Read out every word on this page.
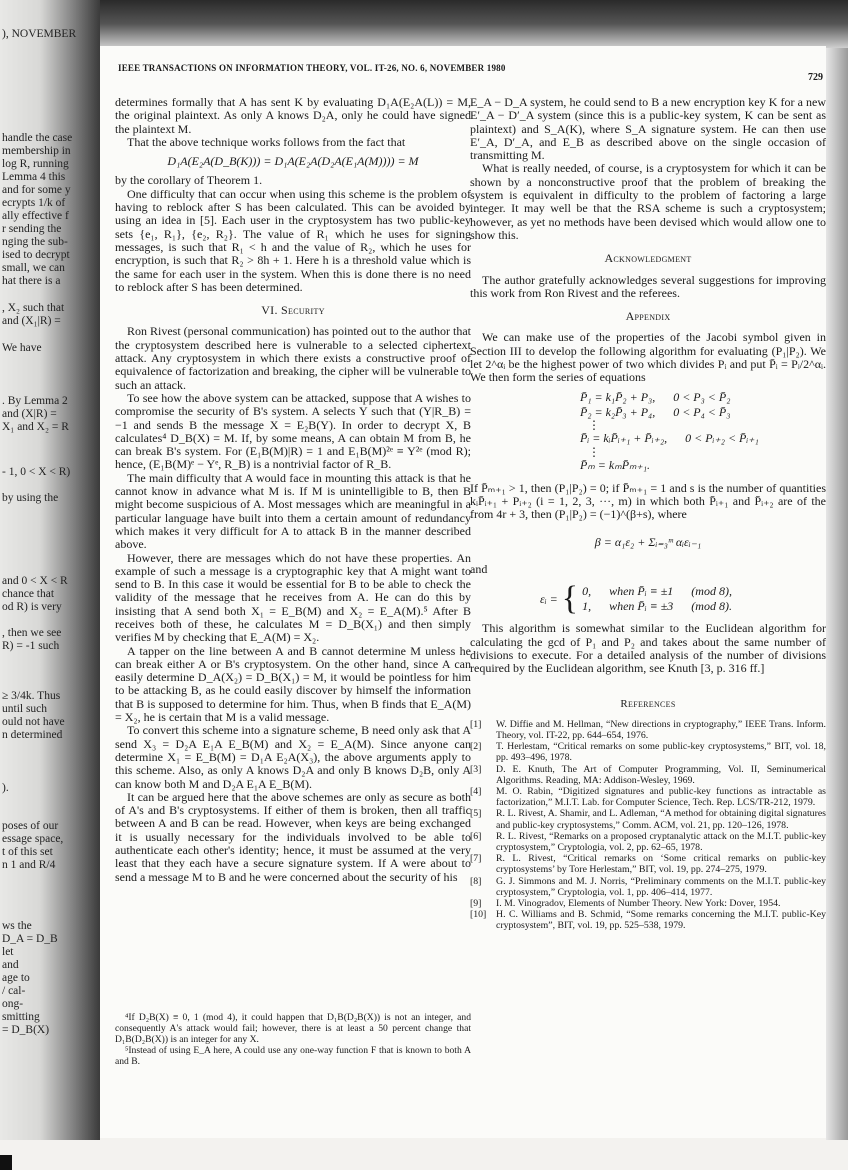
), NOVEMBER
handle the case
membership in
log R, running
Lemma 4 this
and for some y
ecrypts 1/k of
ally effective f
r sending the
nging the sub-
ised to decrypt
small, we can
hat there is a
, X₂ such that
and (X₁|R) =
We have
. By Lemma 2
and (X|R) =
X₁ and X₂ = R
- 1, 0 < X < R)
by using the
and 0 < X < R
chance that
od R) is very
, then we see
R) = -1 such
≥ 3/4k. Thus
until such
ould not have
n determined
).
poses of our
essage space,
t of this set
n 1 and R/4
ws the
D_A = D_B
let
and
age to
/ cal-
ong-
smitting
= D_B(X)
IEEE TRANSACTIONS ON INFORMATION THEORY, VOL. IT-26, NO. 6, NOVEMBER 1980
729

determines formally that A has sent K by evaluating D₁A(E₂A(L)) = M, the original plaintext. As only A knows D₂A, only he could have signed the plaintext M.

That the above technique works follows from the fact that

D₁A(E₂A(D_B(K))) = D₁A(E₂A(D₂A(E₁A(M)))) = M

by the corollary of Theorem 1.

One difficulty that can occur when using this scheme is the problem of having to reblock after S has been calculated. This can be avoided by using an idea in [5]. Each user in the cryptosystem has two public-key sets {e₁, R₁}, {e₂, R₂}. The value of R₁ which he uses for signing messages, is such that R₁ < h and the value of R₂, which he uses for encryption, is such that R₂ > 8h + 1. Here h is a threshold value which is the same for each user in the system. When this is done there is no need to reblock after S has been determined.

VI. Security

Ron Rivest (personal communication) has pointed out to the author that the cryptosystem described here is vulnerable to a selected ciphertext attack. Any cryptosystem in which there exists a constructive proof of equivalence of factorization and breaking, the cipher will be vulnerable to such an attack.

To see how the above system can be attacked, suppose that A wishes to compromise the security of B's system. A selects Y such that (Y|R_B) = −1 and sends B the message X = E₂B(Y). In order to decrypt X, B calculates⁴ D_B(X) = M. If, by some means, A can obtain M from B, he can break B's system. For (E₁B(M)|R) = 1 and E₁B(M)²ᵉ ≡ Y²ᵉ (mod R); hence, (E₁B(M)ᵉ − Yᵉ, R_B) is a nontrivial factor of R_B.

The main difficulty that A would face in mounting this attack is that he cannot know in advance what M is. If M is unintelligible to B, then B might become suspicious of A. Most messages which are meaningful in a particular language have built into them a certain amount of redundancy which makes it very difficult for A to attack B in the manner described above.

However, there are messages which do not have these properties. An example of such a message is a cryptographic key that A might want to send to B. In this case it would be essential for B to be able to check the validity of the message that he receives from A. He can do this by insisting that A send both X₁ = E_B(M) and X₂ = E_A(M).⁵ After B receives both of these, he calculates M = D_B(X₁) and then simply verifies M by checking that E_A(M) = X₂.

A tapper on the line between A and B cannot determine M unless he can break either A or B's cryptosystem. On the other hand, since A can easily determine D_A(X₂) = D_B(X₁) = M, it would be pointless for him to be attacking B, as he could easily discover by himself the information that B is supposed to determine for him. Thus, when B finds that E_A(M) = X₂, he is certain that M is a valid message.

To convert this scheme into a signature scheme, B need only ask that A send X₃ = D₂A E₁A E_B(M) and X₂ = E_A(M). Since anyone can determine X₁ = E_B(M) = D₁A E₂A(X₃), the above arguments apply to this scheme. Also, as only A knows D₂A and only B knows D₂B, only A can know both M and D₂A E₁A E_B(M).

It can be argued here that the above schemes are only as secure as both of A's and B's cryptosystems. If either of them is broken, then all traffic between A and B can be read. However, when keys are being exchanged it is usually necessary for the individuals involved to be able to authenticate each other's identity; hence, it must be assumed at the very least that they each have a secure signature system. If A were about to send a message M to B and he were concerned about the security of his

⁴If D₂B(X) ≡ 0, 1 (mod 4), it could happen that D₁B(D₂B(X)) is not an integer, and consequently A's attack would fail; however, there is at least a 50 percent change that D₁B(D₂B(X)) is an integer for any X.

⁵Instead of using E_A here, A could use any one-way function F that is known to both A and B.

E_A − D_A system, he could send to B a new encryption key K for a new E′_A − D′_A system (since this is a public-key system, K can be sent as plaintext) and S_A(K), where S_A signature system. He can then use E′_A, D′_A, and E_B as described above on the single occasion of transmitting M.

What is really needed, of course, is a cryptosystem for which it can be shown by a nonconstructive proof that the problem of breaking the system is equivalent in difficulty to the problem of factoring a large integer. It may well be that the RSA scheme is such a cryptosystem; however, as yet no methods have been devised which would allow one to show this.

Acknowledgment

The author gratefully acknowledges several suggestions for improving this work from Ron Rivest and the referees.

Appendix

We can make use of the properties of the Jacobi symbol given in Section III to develop the following algorithm for evaluating (P₁|P₂). We let 2^αᵢ be the highest power of two which divides Pᵢ and put P̄ᵢ = Pᵢ/2^αᵢ. We then form the series of equations

P̄₁ = k₁P̄₂ + P₃,      0 < P₃ < P̄₂
P̄₂ = k₂P̄₃ + P₄,      0 < P₄ < P̄₃
⋮
P̄ᵢ = kᵢP̄ᵢ₊₁ + P̄ᵢ₊₂,      0 < Pᵢ₊₂ < P̄ᵢ₊₁
⋮
P̄ₘ = kₘP̄ₘ₊₁.

If P̄ₘ₊₁ > 1, then (P₁|P₂) = 0; if P̄ₘ₊₁ = 1 and s is the number of quantities kᵢP̄ᵢ₊₁ + Pᵢ₊₂ (i = 1, 2, 3, ···, m) in which both P̄ᵢ₊₁ and P̄ᵢ₊₂ are of the from 4r + 3, then (P₁|P₂) = (−1)^(β+s), where

β = α₁ε₂ + Σᵢ₌₃ᵐ αᵢεᵢ₋₁

and

εᵢ = { 0,      when P̄ᵢ ≡ ±1      (mod 8),
1,      when P̄ᵢ ≡ ±3      (mod 8).

This algorithm is somewhat similar to the Euclidean algorithm for calculating the gcd of P₁ and P₂ and takes about the same number of divisions to execute. For a detailed analysis of the number of divisions required by the Euclidean algorithm, see Knuth [3, p. 316 ff.]

References
[1]	W. Diffie and M. Hellman, “New directions in cryptography,” IEEE Trans. Inform. Theory, vol. IT-22, pp. 644–654, 1976.
[2]	T. Herlestam, “Critical remarks on some public-key cryptosystems,” BIT, vol. 18, pp. 493–496, 1978.
[3]	D. E. Knuth, The Art of Computer Programming, Vol. II, Seminumerical Algorithms. Reading, MA: Addison-Wesley, 1969.
[4]	M. O. Rabin, “Digitized signatures and public-key functions as intractable as factorization,” M.I.T. Lab. for Computer Science, Tech. Rep. LCS/TR-212, 1979.
[5]	R. L. Rivest, A. Shamir, and L. Adleman, “A method for obtaining digital signatures and public-key cryptosystems,” Comm. ACM, vol. 21, pp. 120–126, 1978.
[6]	R. L. Rivest, “Remarks on a proposed cryptanalytic attack on the M.I.T. public-key cryptosystem,” Cryptologia, vol. 2, pp. 62–65, 1978.
[7]	R. L. Rivest, “Critical remarks on ‘Some critical remarks on public-key cryptosystems’ by Tore Herlestam,” BIT, vol. 19, pp. 274–275, 1979.
[8]	G. J. Simmons and M. J. Norris, “Preliminary comments on the M.I.T. public-key cryptosystem,” Cryptologia, vol. 1, pp. 406–414, 1977.
[9]	I. M. Vinogradov, Elements of Number Theory. New York: Dover, 1954.
[10] H. C. Williams and B. Schmid, “Some remarks concerning the M.I.T. public-Key cryptosystem”, BIT, vol. 19, pp. 525–538, 1979.
